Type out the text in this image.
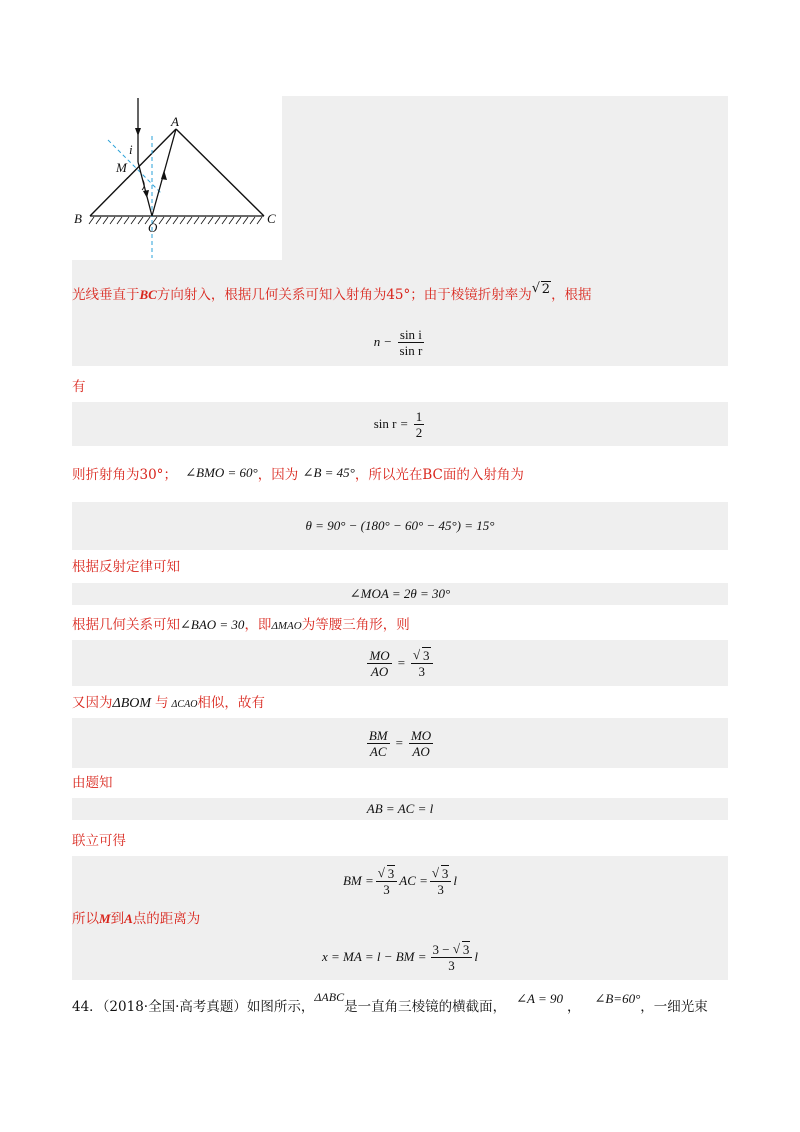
A
B	C
M
O
i
光线垂直于BC方向射入，根据几何关系可知入射角为45°；由于棱镜折射率为 √ 2，根据
$n - \frac{\text{sin i}}{\text{sin r}}$
有
$\sin r = \frac{1}{2}$
则折射角为30°； ∠BMO = 60°，因为 ∠B = 45°，所以光在BC面的入射角为
θ = 90° − (180° − 60° − 45°) = 15°
根据反射定律可知
∠MOA = 2θ = 30°
根据几何关系可知∠BAO = 30，即ΔMAO为等腰三角形，则
$\frac{MO}{AO}$ = √ $\frac{3}{3}$
又因为ΔBOM 与 ΔCAO相似，故有
$\frac{BM}{AC} = \frac{MO}{AO}$
由题知
AB = AC = l
联立可得
BM = √ $\frac{3}{3}$ AC = √ $\frac{3}{3}$ l
所以M到A点的距离为
x = MA = l − BM = $\frac{3 - √ 3}{3}$ l
44．（2018·全国·高考真题）如图所示，ΔABC是一直角三棱镜的横截面，∠A = 90，∠B=60°，一细光束
